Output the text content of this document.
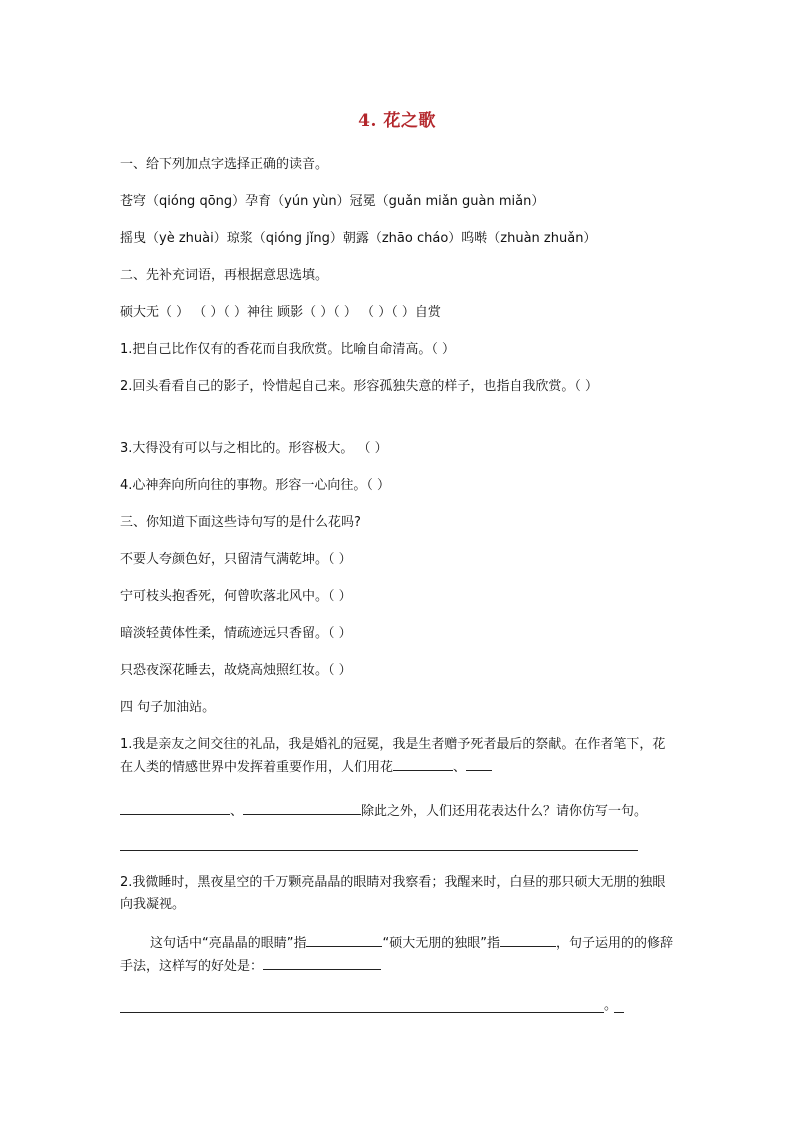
4. 花之歌
一、给下列加点字选择正确的读音。
苍穹（qióng qōng）孕育（yún yùn）冠冕（guǎn miǎn guàn miǎn）
摇曳（yè zhuài）琼浆（qióng jǐng）朝露（zhāo cháo）呜啭（zhuàn zhuǎn）
二、先补充词语，再根据意思选填。
硕大无（ ） （ ）（ ）神往 顾影（ ）（ ） （ ）（ ）自赏
1.把自己比作仅有的香花而自我欣赏。比喻自命清高。（ ）
2.回头看看自己的影子，怜惜起自己来。形容孤独失意的样子，也指自我欣赏。（ ）
3.大得没有可以与之相比的。形容极大。 （ ）
4.心神奔向所向往的事物。形容一心向往。（ ）
三、你知道下面这些诗句写的是什么花吗?
不要人夸颜色好，只留清气满乾坤。（ ）
宁可枝头抱香死，何曾吹落北风中。（ ）
暗淡轻黄体性柔，情疏迹远只香留。（ ）
只恐夜深花睡去，故烧高烛照红妆。（ ）
四 句子加油站。
1.我是亲友之间交往的礼品，我是婚礼的冠冕，我是生者赠予死者最后的祭献。在作者笔下，花在人类的情感世界中发挥着重要作用，人们用花	、
、	除此之外，人们还用花表达什么？请你仿写一句。
2.我微睡时，黑夜星空的千万颗亮晶晶的眼睛对我察看；我醒来时，白昼的那只硕大无朋的独眼向我凝视。
这句话中“亮晶晶的眼睛”指	“硕大无朋的独眼”指	，句子运用的的修辞手法，这样写的好处是：
。
